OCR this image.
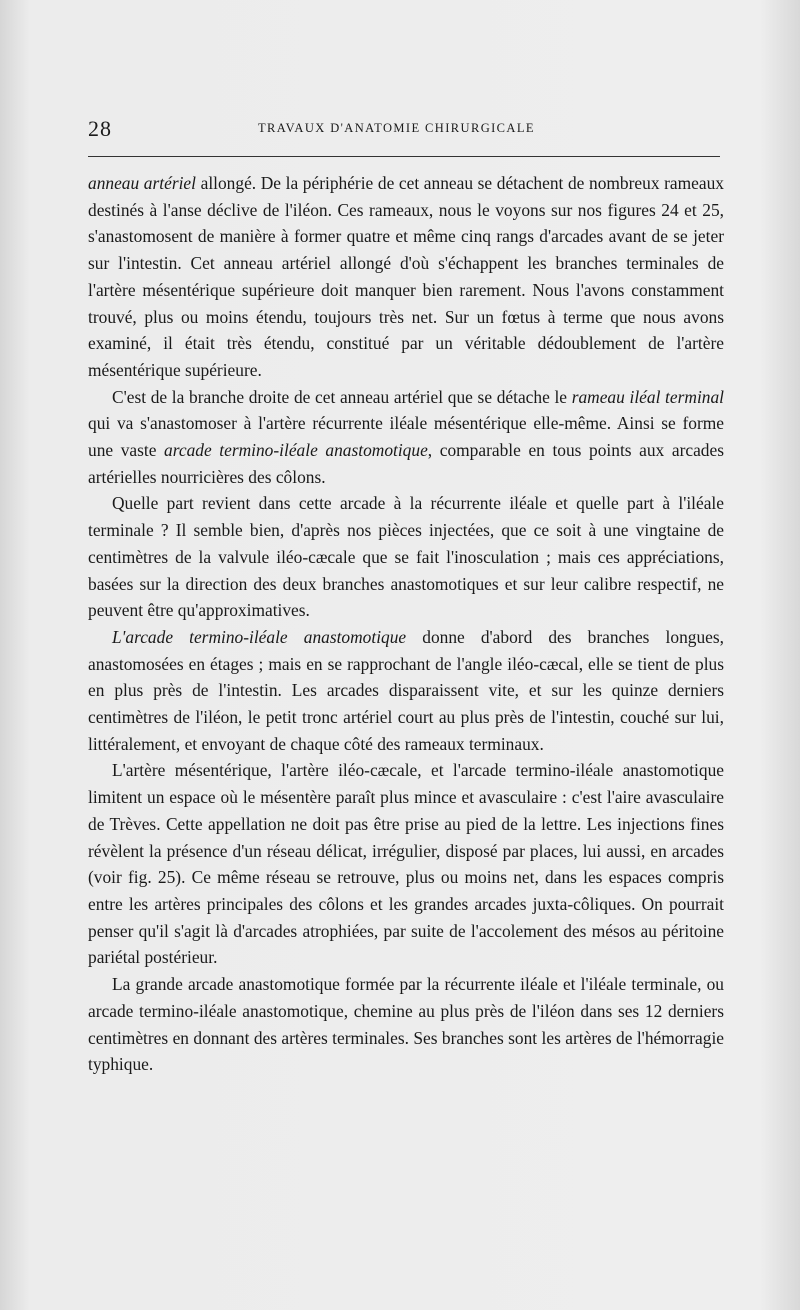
28	TRAVAUX D'ANATOMIE CHIRURGICALE

anneau artériel allongé. De la périphérie de cet anneau se détachent de nombreux rameaux destinés à l'anse déclive de l'iléon. Ces rameaux, nous le voyons sur nos figures 24 et 25, s'anastomosent de manière à former quatre et même cinq rangs d'arcades avant de se jeter sur l'intestin. Cet anneau artériel allongé d'où s'échappent les branches terminales de l'artère mésentérique supérieure doit manquer bien rarement. Nous l'avons constamment trouvé, plus ou moins étendu, toujours très net. Sur un fœtus à terme que nous avons examiné, il était très étendu, constitué par un véritable dédoublement de l'artère mésentérique supérieure.

C'est de la branche droite de cet anneau artériel que se détache le rameau iléal terminal qui va s'anastomoser à l'artère récurrente iléale mésentérique elle-même. Ainsi se forme une vaste arcade termino-iléale anastomotique, comparable en tous points aux arcades artérielles nourricières des côlons.

Quelle part revient dans cette arcade à la récurrente iléale et quelle part à l'iléale terminale ? Il semble bien, d'après nos pièces injectées, que ce soit à une vingtaine de centimètres de la valvule iléo-cæcale que se fait l'inosculation ; mais ces appréciations, basées sur la direction des deux branches anastomotiques et sur leur calibre respectif, ne peuvent être qu'approximatives.

L'arcade termino-iléale anastomotique donne d'abord des branches longues, anastomosées en étages ; mais en se rapprochant de l'angle iléo-cæcal, elle se tient de plus en plus près de l'intestin. Les arcades disparaissent vite, et sur les quinze derniers centimètres de l'iléon, le petit tronc artériel court au plus près de l'intestin, couché sur lui, littéralement, et envoyant de chaque côté des rameaux terminaux.

L'artère mésentérique, l'artère iléo-cæcale, et l'arcade termino-iléale anastomotique limitent un espace où le mésentère paraît plus mince et avasculaire : c'est l'aire avasculaire de Trèves. Cette appellation ne doit pas être prise au pied de la lettre. Les injections fines révèlent la présence d'un réseau délicat, irrégulier, disposé par places, lui aussi, en arcades (voir fig. 25). Ce même réseau se retrouve, plus ou moins net, dans les espaces compris entre les artères principales des côlons et les grandes arcades juxta-côliques. On pourrait penser qu'il s'agit là d'arcades atrophiées, par suite de l'accolement des mésos au péritoine pariétal postérieur.

La grande arcade anastomotique formée par la récurrente iléale et l'iléale terminale, ou arcade termino-iléale anastomotique, chemine au plus près de l'iléon dans ses 12 derniers centimètres en donnant des artères terminales. Ses branches sont les artères de l'hémorragie typhique.
